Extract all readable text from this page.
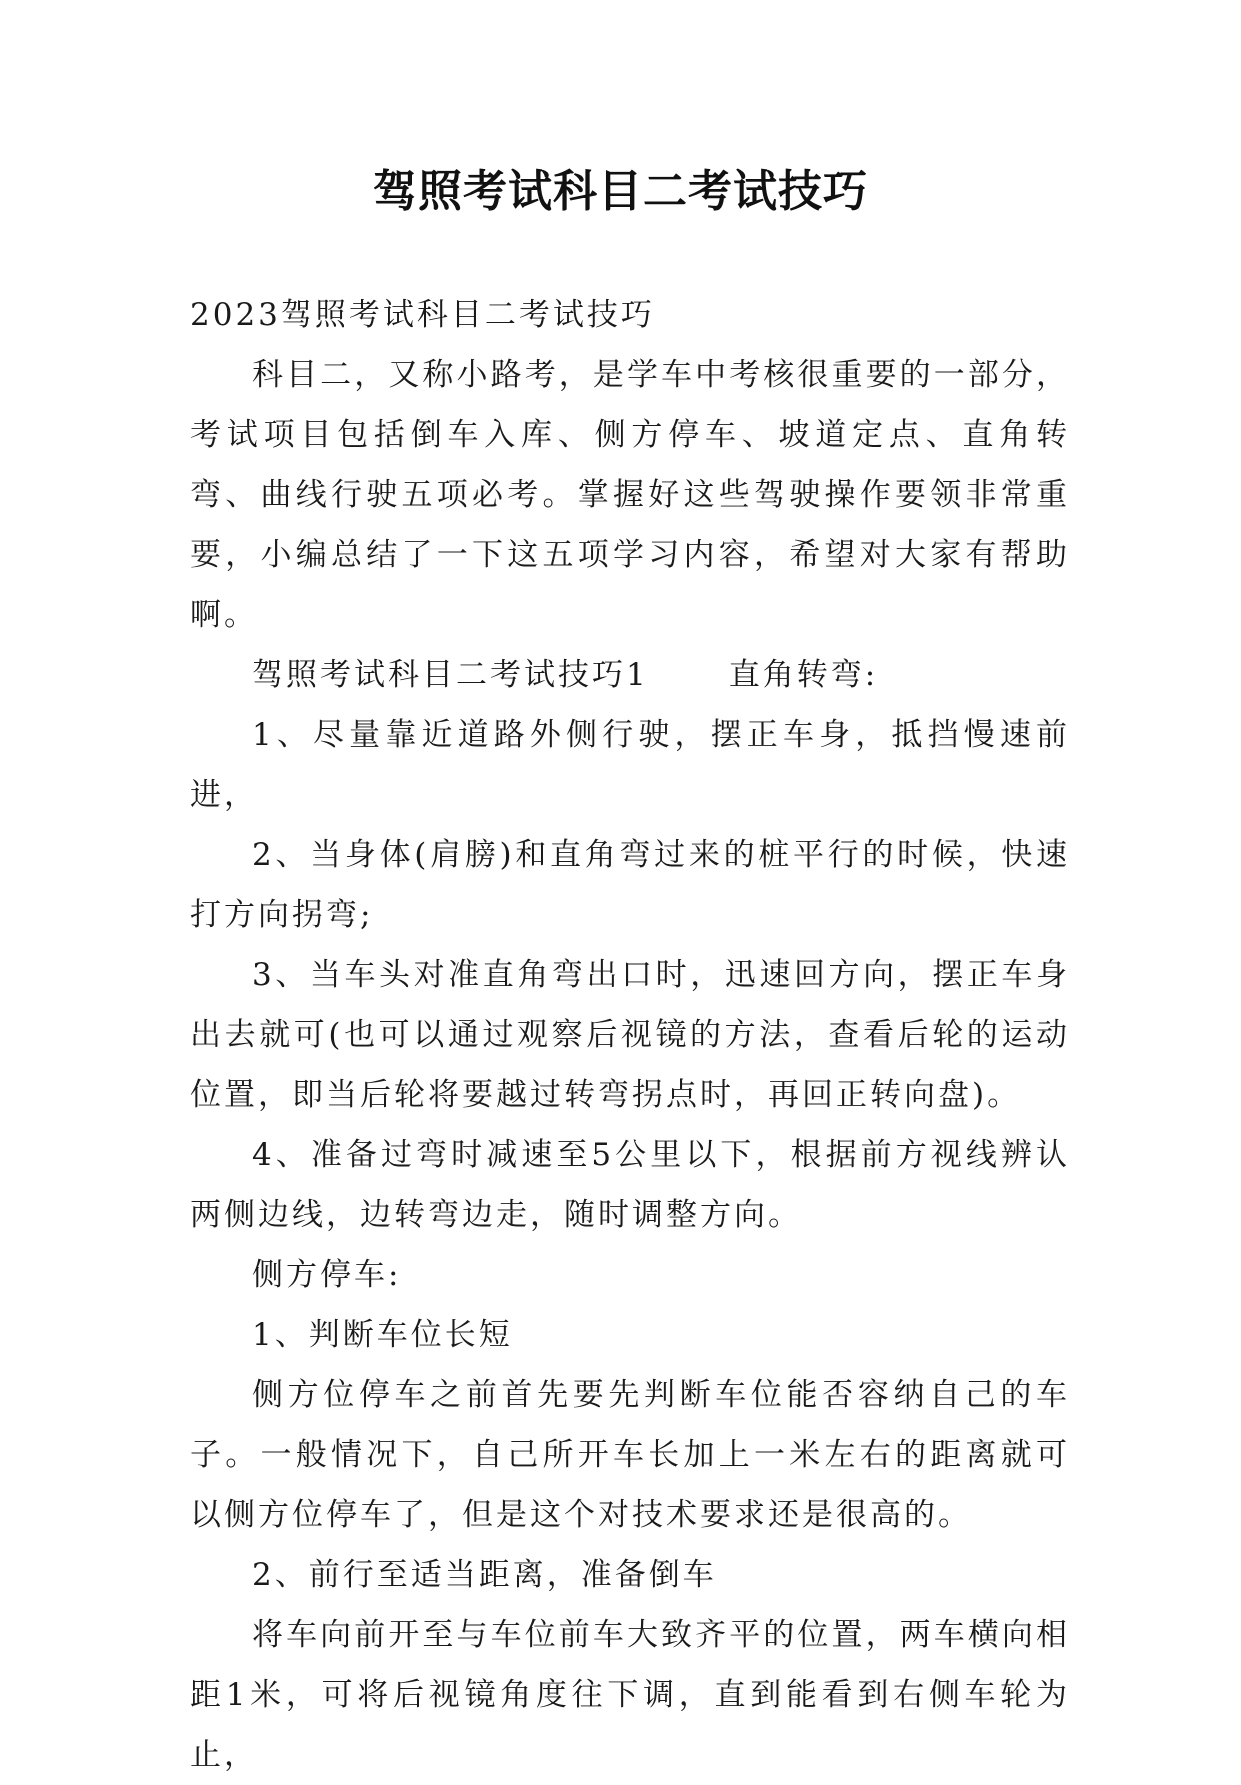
驾照考试科目二考试技巧

2023驾照考试科目二考试技巧

科目二，又称小路考，是学车中考核很重要的一部分，考试项目包括倒车入库、侧方停车、坡道定点、直角转弯、曲线行驶五项必考。掌握好这些驾驶操作要领非常重要，小编总结了一下这五项学习内容，希望对大家有帮助啊。

驾照考试科目二考试技巧1	直角转弯:

1、尽量靠近道路外侧行驶，摆正车身，抵挡慢速前进，

2、当身体(肩膀)和直角弯过来的桩平行的时候，快速打方向拐弯;

3、当车头对准直角弯出口时，迅速回方向，摆正车身出去就可(也可以通过观察后视镜的方法，查看后轮的运动位置，即当后轮将要越过转弯拐点时，再回正转向盘)。

4、准备过弯时减速至5公里以下，根据前方视线辨认两侧边线，边转弯边走，随时调整方向。

侧方停车:

1、判断车位长短

侧方位停车之前首先要先判断车位能否容纳自己的车子。一般情况下，自己所开车长加上一米左右的距离就可以侧方位停车了，但是这个对技术要求还是很高的。

2、前行至适当距离，准备倒车

将车向前开至与车位前车大致齐平的位置，两车横向相距1米，可将后视镜角度往下调，直到能看到右侧车轮为止，
